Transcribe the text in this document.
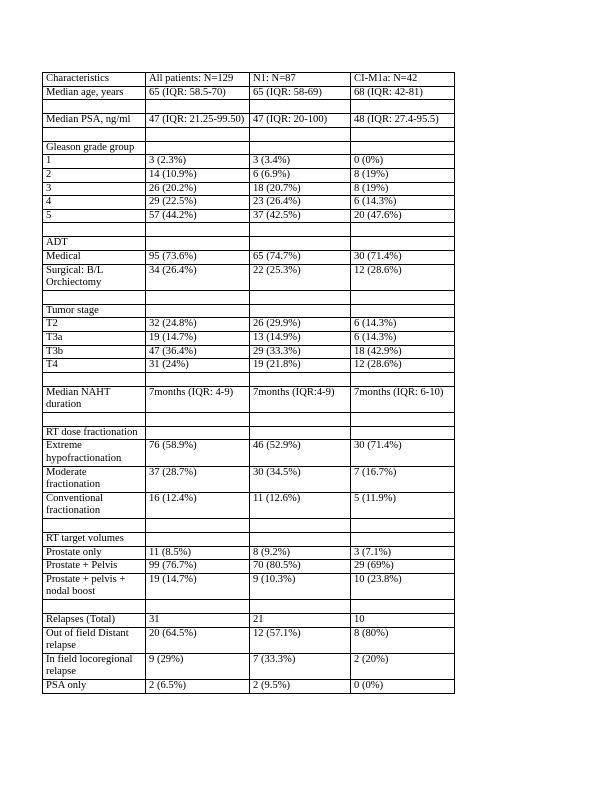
Characteristics	All patients: N=129	N1: N=87	CI-M1a: N=42
Median age, years	65 (IQR: 58.5-70)	65 (IQR: 58-69)	68 (IQR: 42-81)

Median PSA, ng/ml	47 (IQR: 21.25-99.50)	47 (IQR: 20-100)	48 (IQR: 27.4-95.5)

Gleason grade group			
1	3 (2.3%)	3 (3.4%)	0 (0%)
2	14 (10.9%)	6 (6.9%)	8 (19%)
3	26 (20.2%)	18 (20.7%)	8 (19%)
4	29 (22.5%)	23 (26.4%)	6 (14.3%)
5	57 (44.2%)	37 (42.5%)	20 (47.6%)

ADT			
Medical	95 (73.6%)	65 (74.7%)	30 (71.4%)
Surgical: B/L Orchiectomy	34 (26.4%)	22 (25.3%)	12 (28.6%)

Tumor stage			
T2	32 (24.8%)	26 (29.9%)	6 (14.3%)
T3a	19 (14.7%)	13 (14.9%)	6 (14.3%)
T3b	47 (36.4%)	29 (33.3%)	18 (42.9%)
T4	31 (24%)	19 (21.8%)	12 (28.6%)

Median NAHT duration	7months (IQR: 4-9)	7months (IQR:4-9)	7months (IQR: 6-10)

RT dose fractionation			
Extreme hypofractionation	76 (58.9%)	46 (52.9%)	30 (71.4%)
Moderate fractionation	37 (28.7%)	30 (34.5%)	7 (16.7%)
Conventional fractionation	16 (12.4%)	11 (12.6%)	5 (11.9%)

RT target volumes			
Prostate only	11 (8.5%)	8 (9.2%)	3 (7.1%)
Prostate + Pelvis	99 (76.7%)	70 (80.5%)	29 (69%)
Prostate + pelvis + nodal boost	19 (14.7%)	9 (10.3%)	10 (23.8%)

Relapses (Total)	31	21	10
Out of field Distant relapse	20 (64.5%)	12 (57.1%)	8 (80%)
In field locoregional relapse	9 (29%)	7 (33.3%)	2 (20%)
PSA only	2 (6.5%)	2 (9.5%)	0 (0%)
